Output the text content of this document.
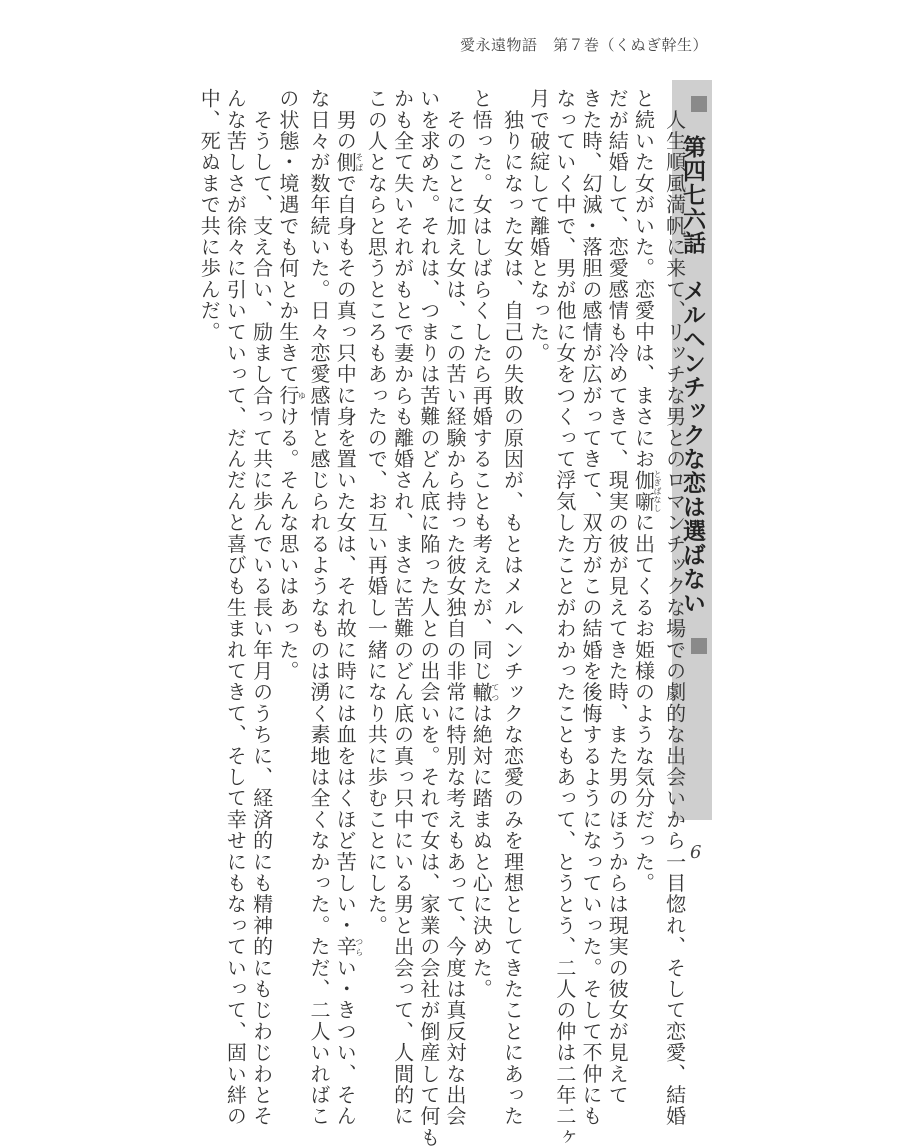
愛永遠物語　第７巻（くぬぎ幹生）
第四七六話　メルヘンチックな恋は選ばない
　人生順風満帆に来て、リッチな男とのロマンチックな場での劇的な出会いから一目惚れ、そして恋愛、結婚
と続いた女がいた。恋愛中は、まさにお伽噺とぎばなしに出てくるお姫様のような気分だった。
だが結婚して、恋愛感情も冷めてきて、現実の彼が見えてきた時、また男のほうからは現実の彼女が見えて
きた時、幻滅・落胆の感情が広がってきて、双方がこの結婚を後悔するようになっていった。そして不仲にも
なっていく中で、男が他に女をつくって浮気したことがわかったこともあって、とうとう、二人の仲は二年二ヶ
月で破綻して離婚となった。
　独りになった女は、自己の失敗の原因が、もとはメルヘンチックな恋愛のみを理想としてきたことにあった
と悟った。女はしばらくしたら再婚することも考えたが、同じ轍てつは絶対に踏まぬと心に決めた。
　そのことに加え女は、この苦い経験から持った彼女独自の非常に特別な考えもあって、今度は真反対な出会
いを求めた。それは、つまりは苦難のどん底に陥った人との出会いを。それで女は、家業の会社が倒産して何も
かも全て失いそれがもとで妻からも離婚され、まさに苦難のどん底の真っ只中にいる男と出会って、人間的に
この人とならと思うところもあったので、お互い再婚し一緒になり共に歩むことにした。
　男の側そばで自身もその真っ只中に身を置いた女は、それ故に時には血をはくほど苦しい・辛つらい・きつい、そん
な日々が数年続いた。日々恋愛感情と感じられるようなものは湧く素地は全くなかった。ただ、二人いればこ
の状態・境遇でも何とか生きて行ゆける。そんな思いはあった。
　そうして、支え合い、励まし合って共に歩んでいる長い年月のうちに、経済的にも精神的にもじわじわとそ
んな苦しさが徐々に引いていって、だんだんと喜びも生まれてきて、そして幸せにもなっていって、固い絆の
中、死ぬまで共に歩んだ。
6
